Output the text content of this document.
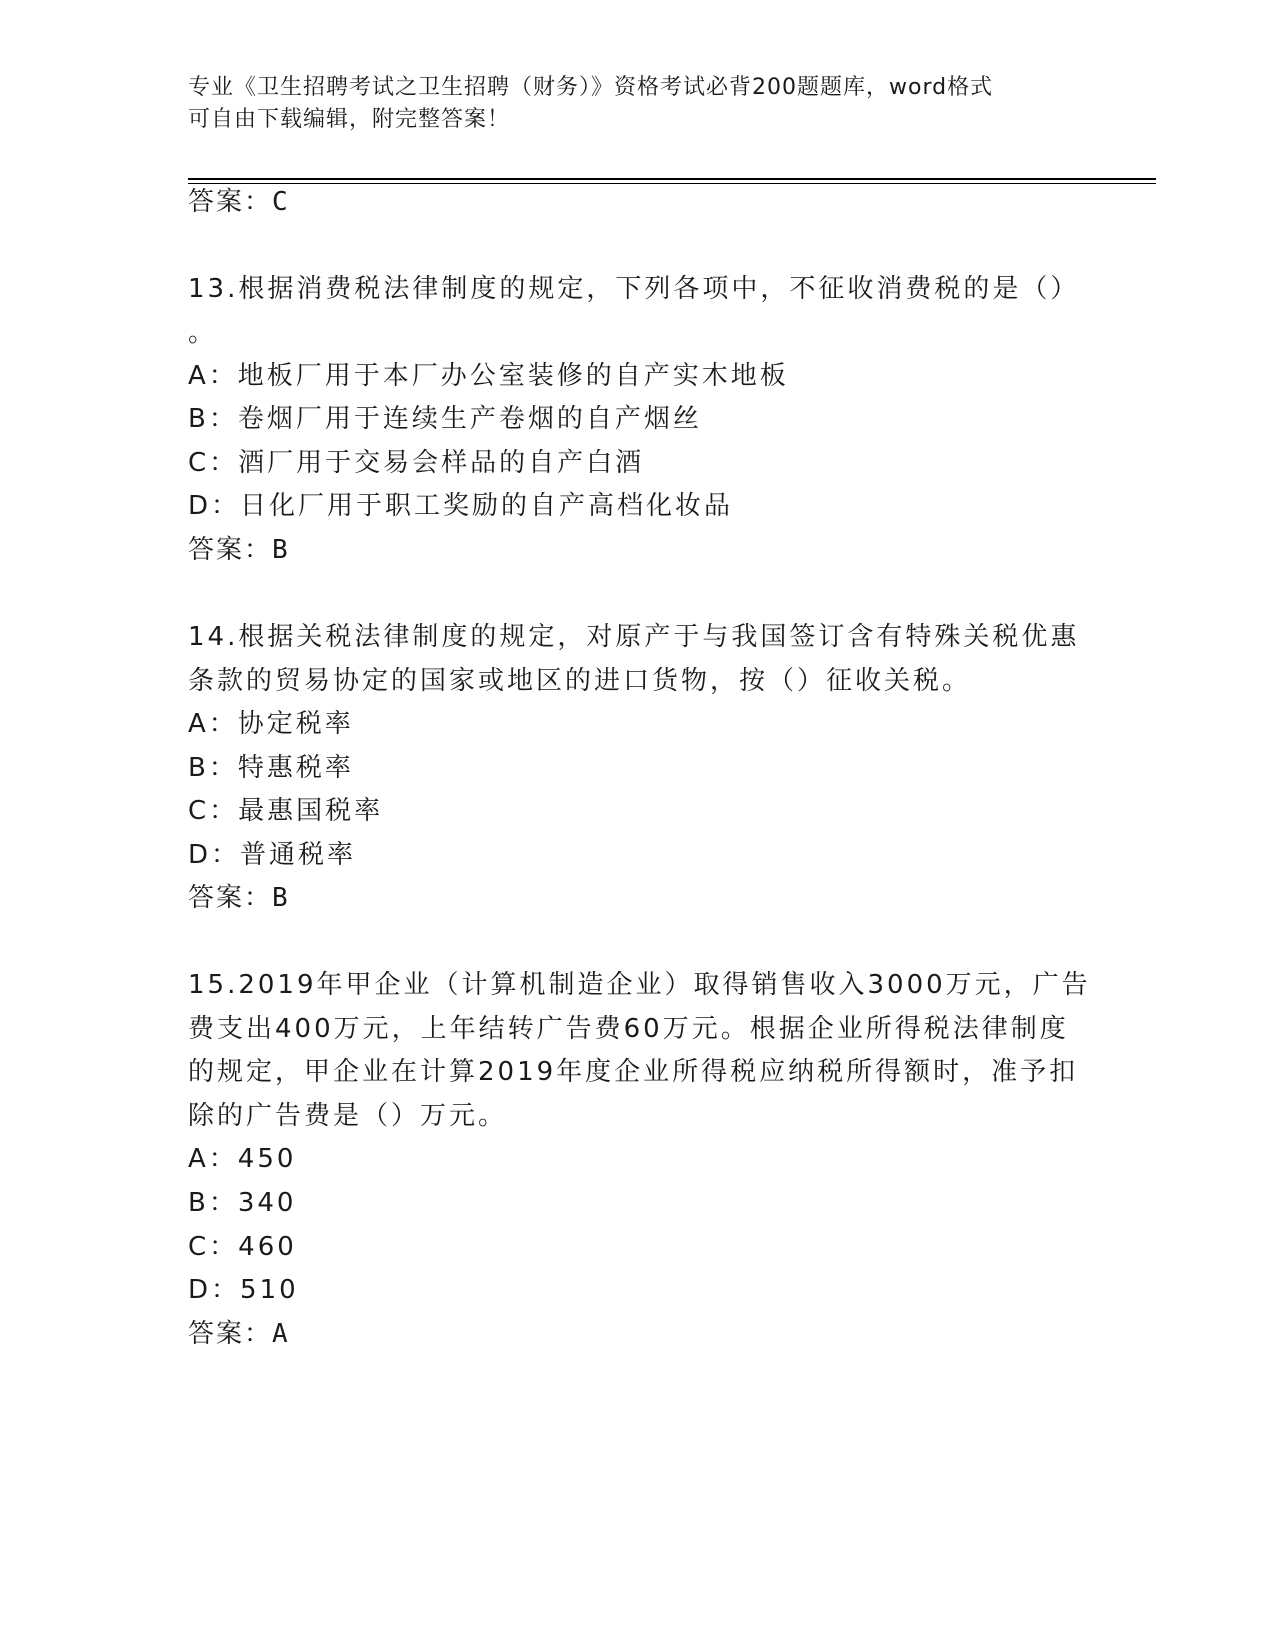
专业《卫生招聘考试之卫生招聘（财务）》资格考试必背200题题库，word格式
可自由下载编辑，附完整答案！
答案：C
13.根据消费税法律制度的规定，下列各项中，不征收消费税的是（）
。
A：地板厂用于本厂办公室装修的自产实木地板
B：卷烟厂用于连续生产卷烟的自产烟丝
C：酒厂用于交易会样品的自产白酒
D：日化厂用于职工奖励的自产高档化妆品
答案：B
14.根据关税法律制度的规定，对原产于与我国签订含有特殊关税优惠
条款的贸易协定的国家或地区的进口货物，按（）征收关税。
A：协定税率
B：特惠税率
C：最惠国税率
D：普通税率
答案：B
15.2019年甲企业（计算机制造企业）取得销售收入3000万元，广告
费支出400万元，上年结转广告费60万元。根据企业所得税法律制度
的规定，甲企业在计算2019年度企业所得税应纳税所得额时，准予扣
除的广告费是（）万元。
A：450
B：340
C：460
D：510
答案：A
